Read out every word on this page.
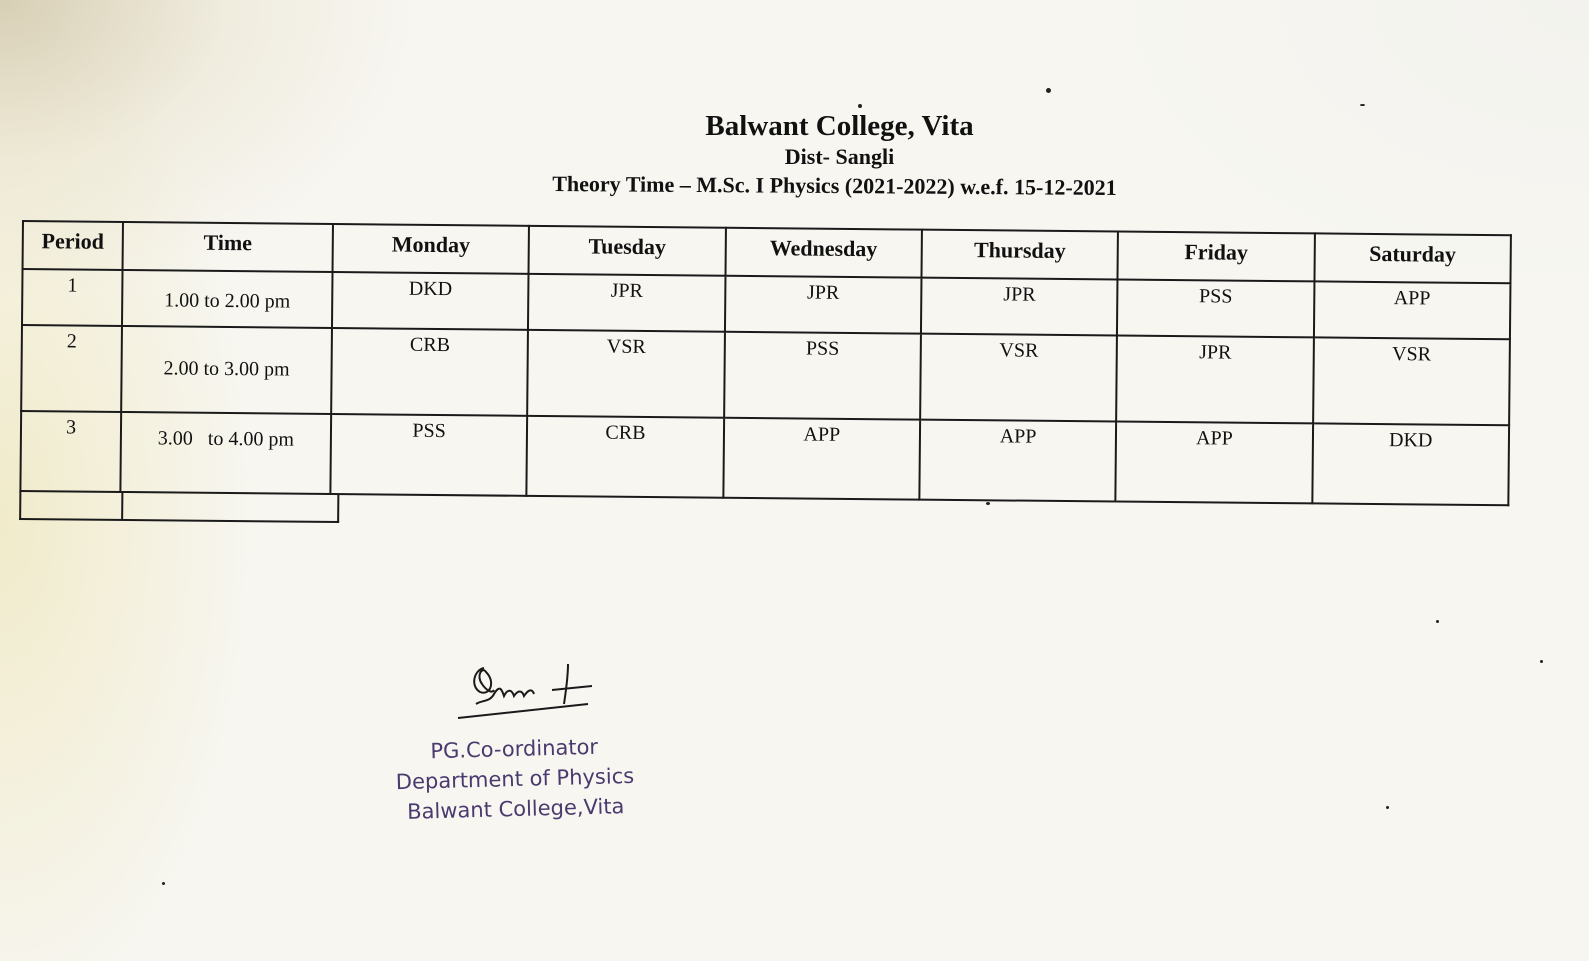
Balwant College, Vita
Dist- Sangli
Theory Time – M.Sc. I Physics (2021-2022) w.e.f. 15-12-2021
Period	Time	Monday	Tuesday	Wednesday	Thursday	Friday	Saturday
1	1.00 to 2.00 pm	DKD	JPR	JPR	JPR	PSS	APP
2	2.00 to 3.00 pm	CRB	VSR	PSS	VSR	JPR	VSR
3	3.00   to 4.00 pm	PSS	CRB	APP	APP	APP	DKD
PG.Co-ordinator
Department of Physics
Balwant College,Vita
